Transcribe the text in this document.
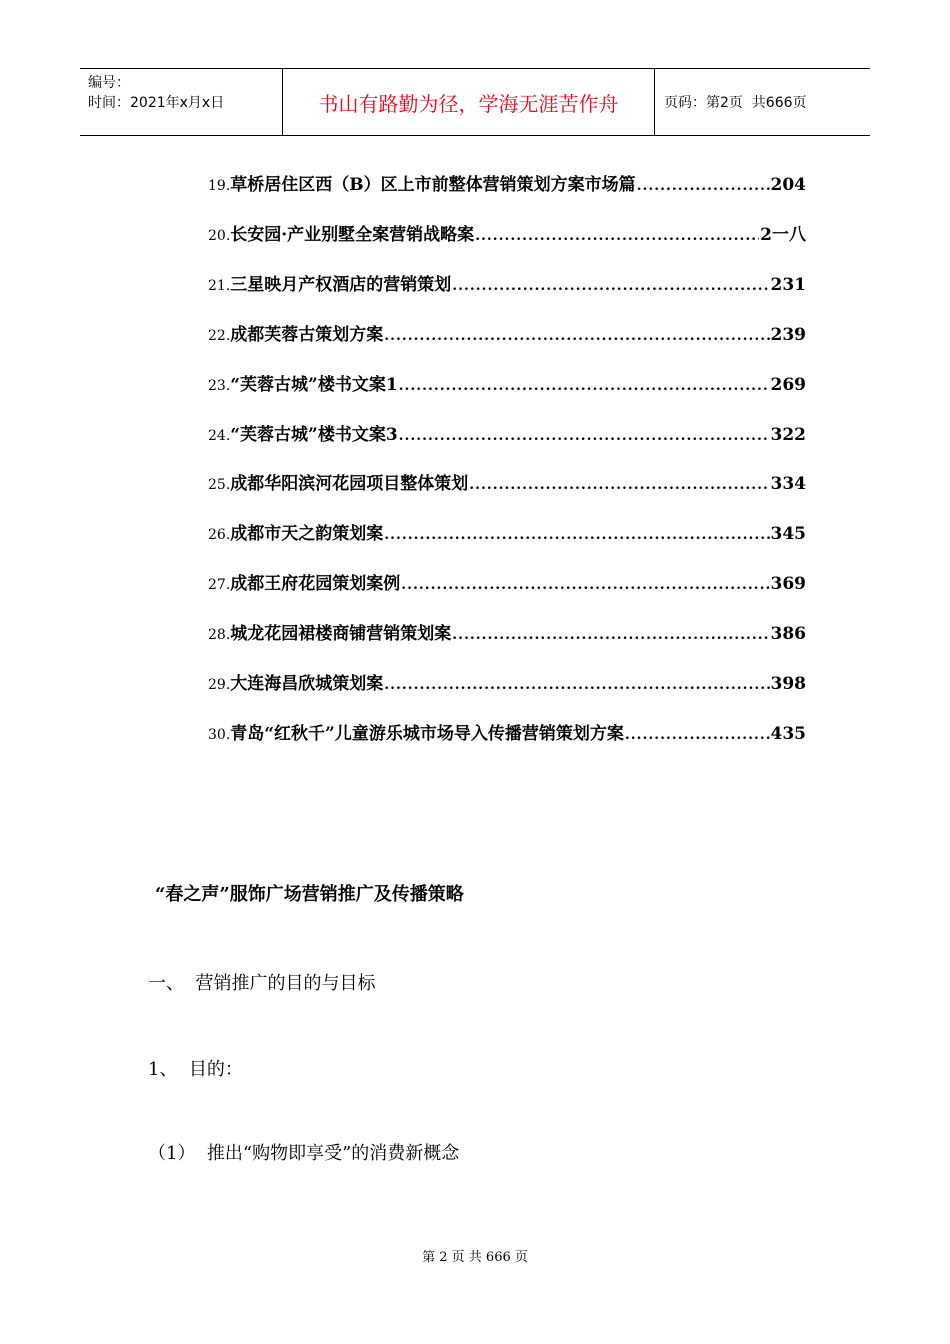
编号：
时间：2021年x月x日	书山有路勤为径，学海无涯苦作舟	页码：第2页  共666页
19. 草桥居住区西（B）区上市前整体营销策划方案市场篇 .....	204
20. 长安园·产业别墅全案营销战略案 .....	2一八
21. 三星映月产权酒店的营销策划 .....	231
22. 成都芙蓉古策划方案 .....	239
23. “芙蓉古城”楼书文案1 .....	269
24. “芙蓉古城”楼书文案3 .....	322
25. 成都华阳滨河花园项目整体策划 .....	334
26. 成都市天之韵策划案 .....	345
27. 成都王府花园策划案例 .....	369
28. 城龙花园裙楼商铺营销策划案 .....	386
29. 大连海昌欣城策划案 .....	398
30. 青岛“红秋千”儿童游乐城市场导入传播营销策划方案 .....	435
“春之声”服饰广场营销推广及传播策略
一、  营销推广的目的与目标
1、  目的：
（1）  推出“购物即享受”的消费新概念
第 2 页 共 666 页
